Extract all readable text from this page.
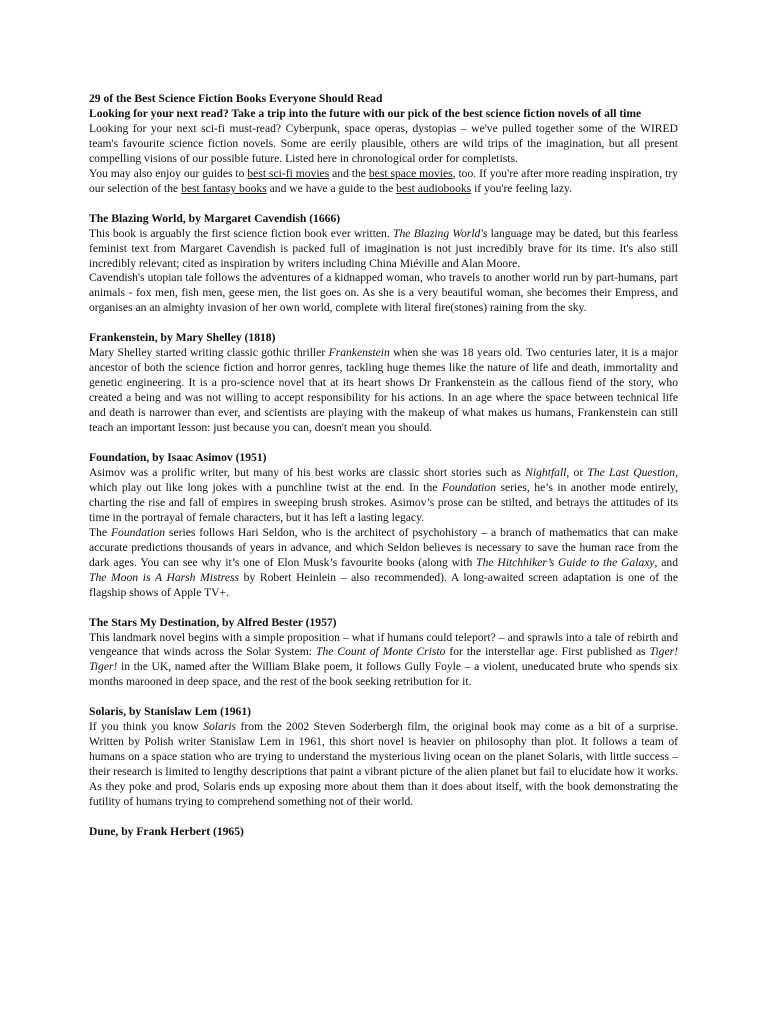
29 of the Best Science Fiction Books Everyone Should Read
Looking for your next read? Take a trip into the future with our pick of the best science fiction novels of all time

Looking for your next sci-fi must-read? Cyberpunk, space operas, dystopias – we've pulled together some of the WIRED team's favourite science fiction novels. Some are eerily plausible, others are wild trips of the imagination, but all present compelling visions of our possible future. Listed here in chronological order for completists.

You may also enjoy our guides to best sci-fi movies and the best space movies, too. If you're after more reading inspiration, try our selection of the best fantasy books and we have a guide to the best audiobooks if you're feeling lazy.

The Blazing World, by Margaret Cavendish (1666)

This book is arguably the first science fiction book ever written. The Blazing World's language may be dated, but this fearless feminist text from Margaret Cavendish is packed full of imagination is not just incredibly brave for its time. It's also still incredibly relevant; cited as inspiration by writers including China Miéville and Alan Moore.

Cavendish's utopian tale follows the adventures of a kidnapped woman, who travels to another world run by part-humans, part animals - fox men, fish men, geese men, the list goes on. As she is a very beautiful woman, she becomes their Empress, and organises an an almighty invasion of her own world, complete with literal fire(stones) raining from the sky.

Frankenstein, by Mary Shelley (1818)

Mary Shelley started writing classic gothic thriller Frankenstein when she was 18 years old. Two centuries later, it is a major ancestor of both the science fiction and horror genres, tackling huge themes like the nature of life and death, immortality and genetic engineering. It is a pro-science novel that at its heart shows Dr Frankenstein as the callous fiend of the story, who created a being and was not willing to accept responsibility for his actions. In an age where the space between technical life and death is narrower than ever, and scientists are playing with the makeup of what makes us humans, Frankenstein can still teach an important lesson: just because you can, doesn't mean you should.

Foundation, by Isaac Asimov (1951)

Asimov was a prolific writer, but many of his best works are classic short stories such as Nightfall, or The Last Question, which play out like long jokes with a punchline twist at the end. In the Foundation series, he’s in another mode entirely, charting the rise and fall of empires in sweeping brush strokes. Asimov’s prose can be stilted, and betrays the attitudes of its time in the portrayal of female characters, but it has left a lasting legacy.

The Foundation series follows Hari Seldon, who is the architect of psychohistory – a branch of mathematics that can make accurate predictions thousands of years in advance, and which Seldon believes is necessary to save the human race from the dark ages. You can see why it’s one of Elon Musk’s favourite books (along with The Hitchhiker’s Guide to the Galaxy, and The Moon is A Harsh Mistress by Robert Heinlein – also recommended). A long-awaited screen adaptation is one of the flagship shows of Apple TV+.

The Stars My Destination, by Alfred Bester (1957)

This landmark novel begins with a simple proposition – what if humans could teleport? – and sprawls into a tale of rebirth and vengeance that winds across the Solar System: The Count of Monte Cristo for the interstellar age. First published as Tiger! Tiger! in the UK, named after the William Blake poem, it follows Gully Foyle – a violent, uneducated brute who spends six months marooned in deep space, and the rest of the book seeking retribution for it.

Solaris, by Stanislaw Lem (1961)

If you think you know Solaris from the 2002 Steven Soderbergh film, the original book may come as a bit of a surprise. Written by Polish writer Stanislaw Lem in 1961, this short novel is heavier on philosophy than plot. It follows a team of humans on a space station who are trying to understand the mysterious living ocean on the planet Solaris, with little success – their research is limited to lengthy descriptions that paint a vibrant picture of the alien planet but fail to elucidate how it works. As they poke and prod, Solaris ends up exposing more about them than it does about itself, with the book demonstrating the futility of humans trying to comprehend something not of their world.

Dune, by Frank Herbert (1965)
